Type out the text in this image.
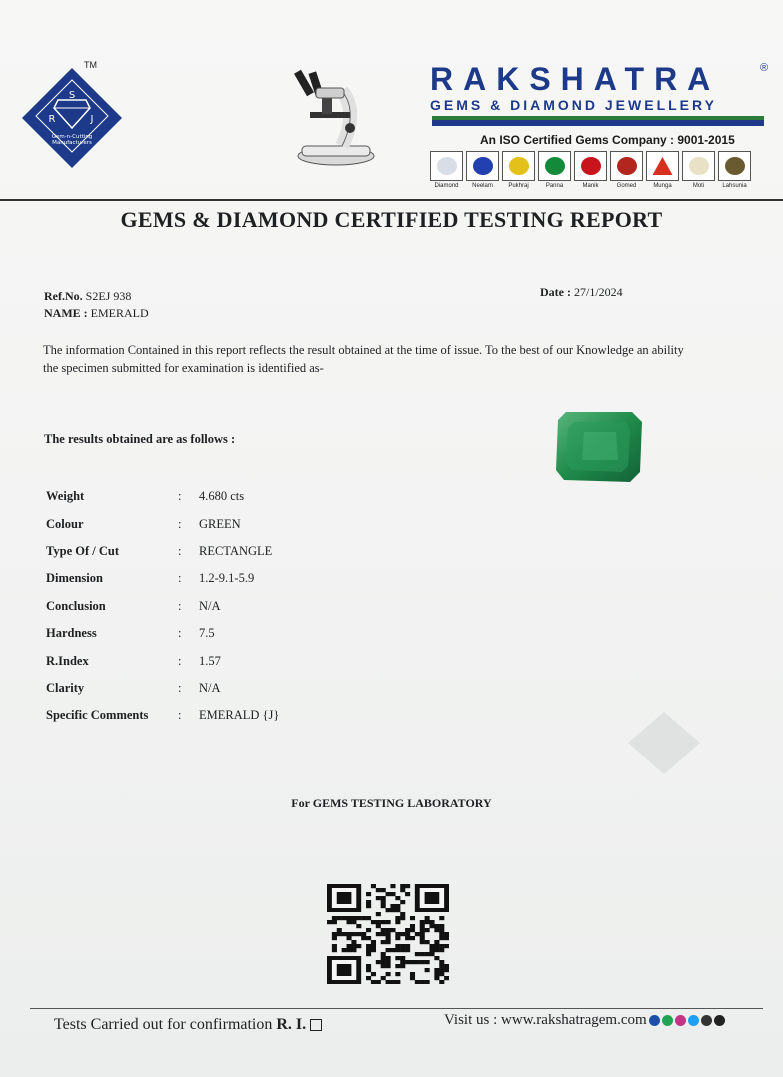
S
R	J
Gem-n-Cutting
Manufacturers
TM	RAKSHATRA	®
GEMS & DIAMOND JEWELLERY
An ISO Certified Gems Company : 9001-2015
Diamond Neelam	Pukhraj	Panna	Manik	Gomed	Munga	Moti	Lahsunia
GEMS & DIAMOND CERTIFIED TESTING REPORT
Ref.No. S2EJ 938
NAME : EMERALD
Date : 27/1/2024
The information Contained in this report reflects the result obtained at the time of issue. To the best of our Knowledge an ability the specimen submitted for examination is identified as-
The results obtained are as follows :
Weight	:	4.680 cts
Colour	:	GREEN
Type Of / Cut	:	RECTANGLE
Dimension	:	1.2-9.1-5.9
Conclusion	:	N/A
Hardness	:	7.5
R.Index	:	1.57
Clarity	:	N/A
Specific Comments	:	EMERALD {J}
For GEMS TESTING LABORATORY
Tests Carried out for confirmation R. I.	Visit us : www.rakshatragem.com
